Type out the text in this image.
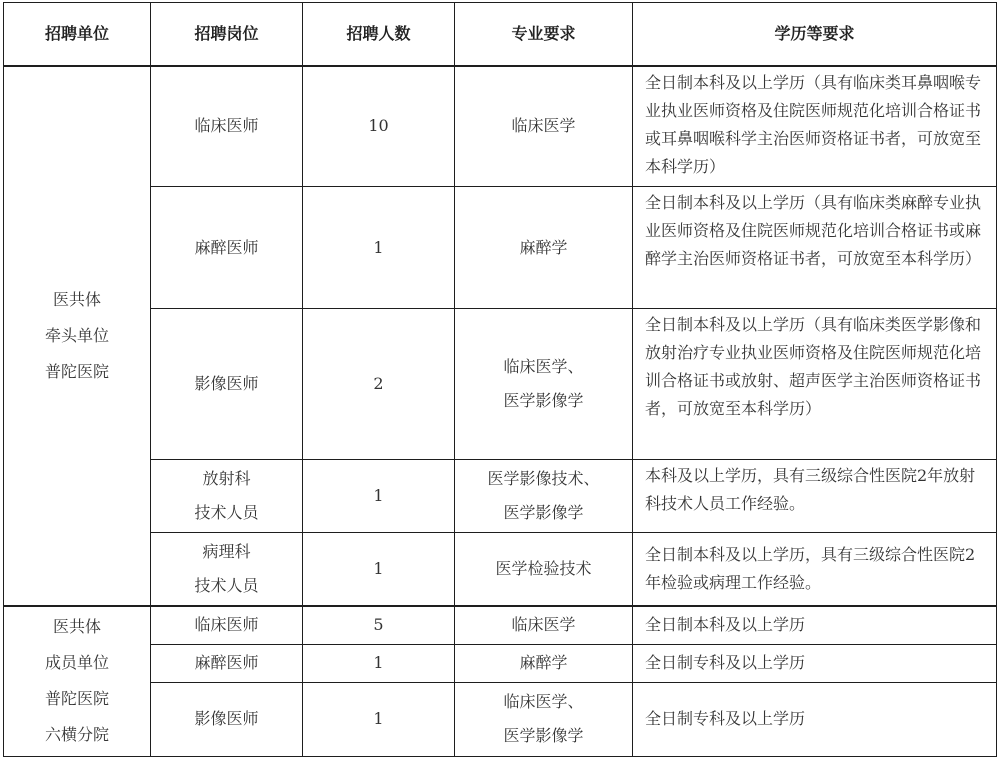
招聘单位	招聘岗位	招聘人数	专业要求	学历等要求

医共体
牵头单位
普陀医院	临床医师	10	临床医学	全日制本科及以上学历（具有临床类耳鼻咽喉专业执业医师资格及住院医师规范化培训合格证书或耳鼻咽喉科学主治医师资格证书者，可放宽至本科学历）

	麻醉医师	1	麻醉学	全日制本科及以上学历（具有临床类麻醉专业执业医师资格及住院医师规范化培训合格证书或麻醉学主治医师资格证书者，可放宽至本科学历）

	影像医师	2	临床医学、
医学影像学	全日制本科及以上学历（具有临床类医学影像和放射治疗专业执业医师资格及住院医师规范化培训合格证书或放射、超声医学主治医师资格证书者，可放宽至本科学历）

	放射科
技术人员	1	医学影像技术、
医学影像学	本科及以上学历，具有三级综合性医院2年放射科技术人员工作经验。

	病理科
技术人员	1	医学检验技术	全日制本科及以上学历，具有三级综合性医院2年检验或病理工作经验。

医共体
成员单位
普陀医院
六横分院	临床医师	5	临床医学	全日制本科及以上学历

	麻醉医师	1	麻醉学	全日制专科及以上学历

	影像医师	1	临床医学、
医学影像学	全日制专科及以上学历
